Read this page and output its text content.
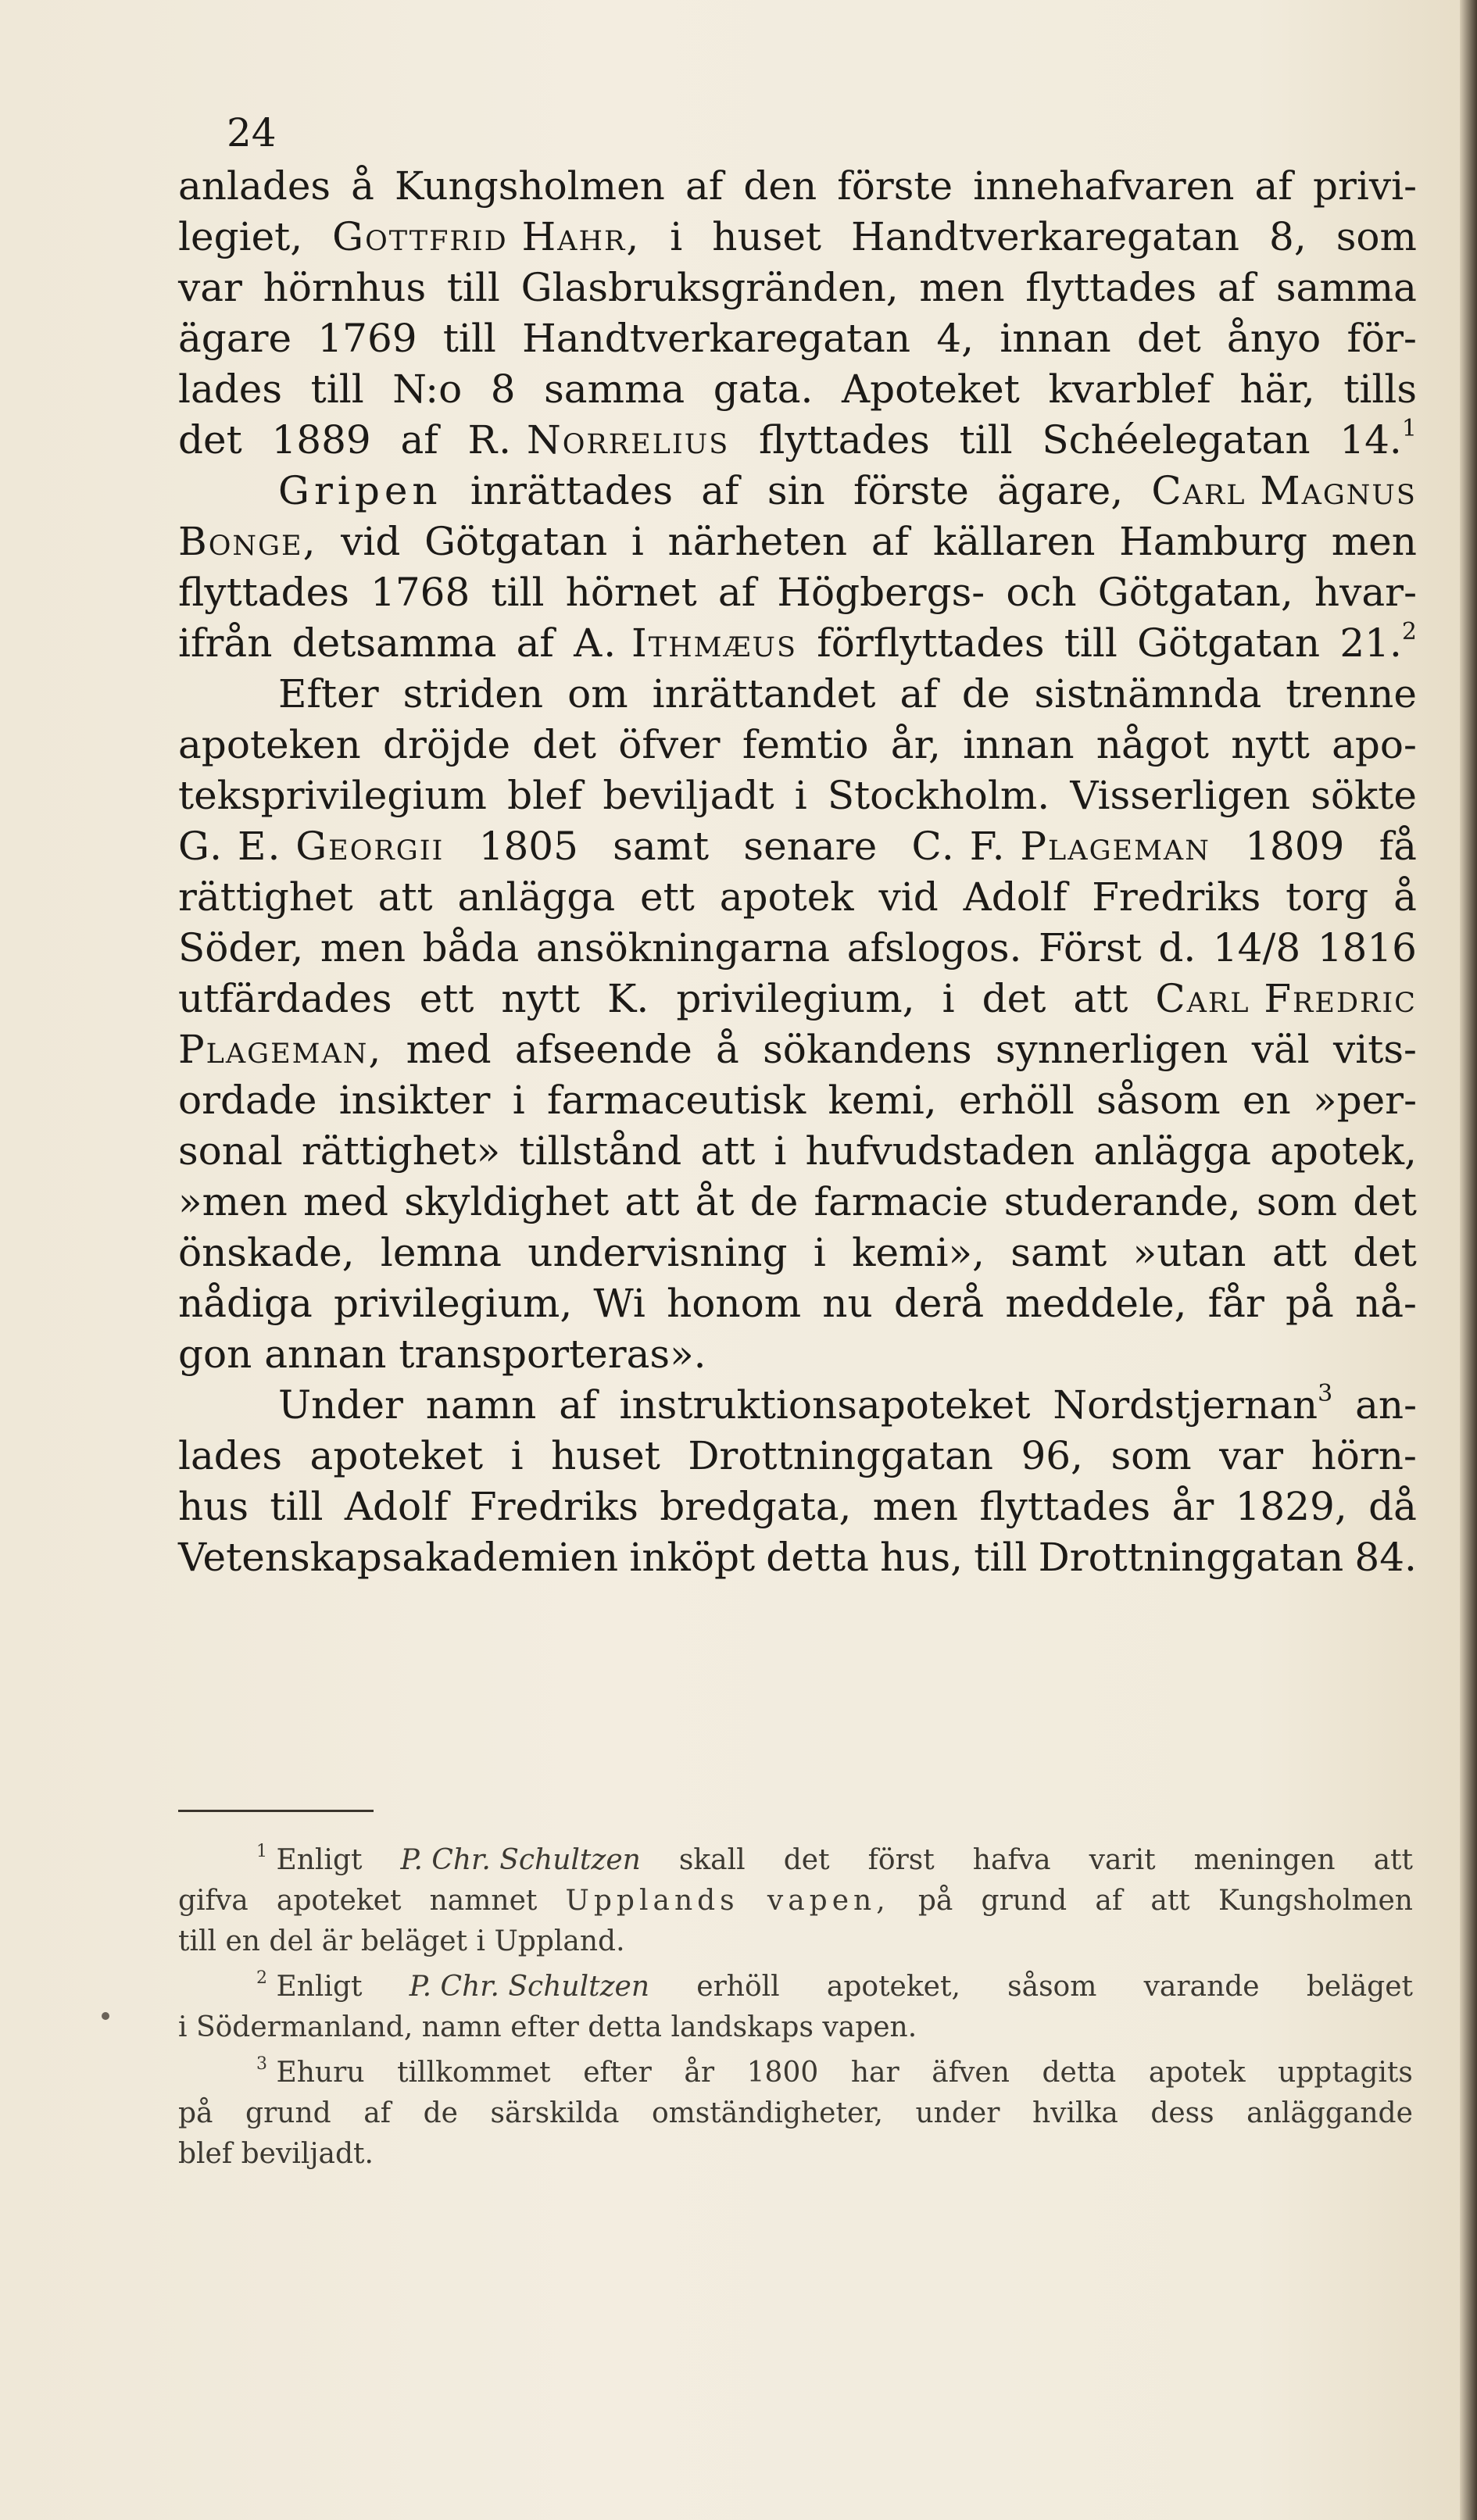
24
anlades å Kungsholmen af den förste innehafvaren af privi-
legiet, Gottfrid Hahr, i huset Handtverkaregatan 8, som
var hörnhus till Glasbruksgränden, men flyttades af samma
ägare 1769 till Handtverkaregatan 4, innan det ånyo för-
lades till N:o 8 samma gata. Apoteket kvarblef här, tills
det 1889 af R. Norrelius flyttades till Schéelegatan 14.$^1$
Gripen inrättades af sin förste ägare, Carl Magnus
Bonge, vid Götgatan i närheten af källaren Hamburg men
flyttades 1768 till hörnet af Högbergs- och Götgatan, hvar-
ifrån detsamma af A. Ithmæus förflyttades till Götgatan 21.$^2$
Efter striden om inrättandet af de sistnämnda trenne
apoteken dröjde det öfver femtio år, innan något nytt apo-
teksprivilegium blef beviljadt i Stockholm. Visserligen sökte
G. E. Georgii 1805 samt senare C. F. Plageman 1809 få
rättighet att anlägga ett apotek vid Adolf Fredriks torg å
Söder, men båda ansökningarna afslogos. Först d. 14/8 1816
utfärdades ett nytt K. privilegium, i det att Carl Fredric
Plageman, med afseende å sökandens synnerligen väl vits-
ordade insikter i farmaceutisk kemi, erhöll såsom en »per-
sonal rättighet» tillstånd att i hufvudstaden anlägga apotek,
»men med skyldighet att åt de farmacie studerande, som det
önskade, lemna undervisning i kemi», samt »utan att det
nådiga privilegium, Wi honom nu derå meddele, får på nå-
gon
annan
transporteras».
Under namn af instruktionsapoteket Nordstjernan$^3$ an-
lades apoteket i huset Drottninggatan 96, som var hörn-
hus till Adolf Fredriks bredgata, men flyttades år 1829, då
Vetenskapsakademien inköpt detta hus, till Drottninggatan 84.
$^1$ Enligt P. Chr. Schultzen skall det först hafva varit meningen att
gifva apoteket namnet Upplands vapen, på grund af att Kungsholmen
till
en
del
är
beläget
i
Uppland.
$^2$ Enligt P. Chr. Schultzen erhöll apoteket, såsom varande beläget
i
Södermanland,
namn
efter
detta
landskaps
vapen.
$^3$ Ehuru tillkommet efter år 1800 har äfven detta apotek upptagits
på grund af de särskilda omständigheter, under hvilka dess anläggande
blef
beviljadt.
